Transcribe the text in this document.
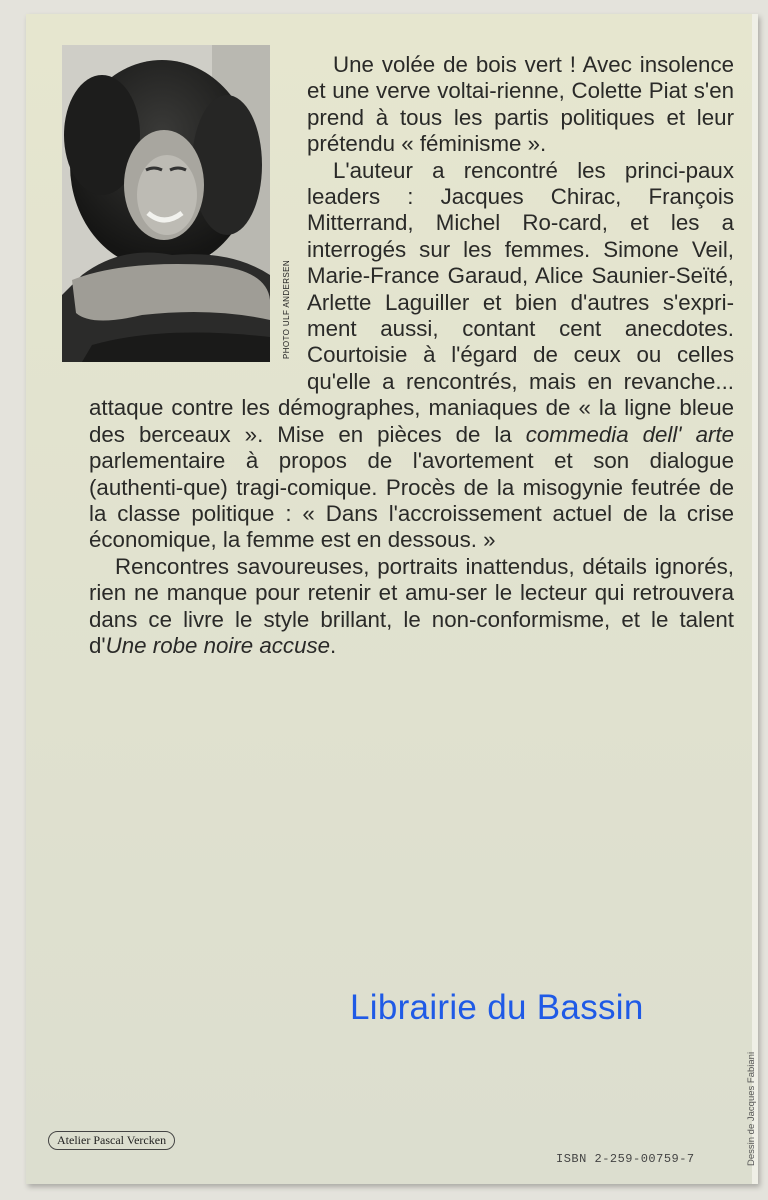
PHOTO ULF ANDERSEN

Une volée de bois vert ! Avec insolence et une verve voltai-rienne, Colette Piat s'en prend à tous les partis politiques et leur prétendu « féminisme ».

L'auteur a rencontré les princi-paux leaders : Jacques Chirac, François Mitterrand, Michel Ro-card, et les a interrogés sur les femmes. Simone Veil, Marie-France Garaud, Alice Saunier-Seïté, Arlette Laguiller et bien d'autres s'expri-ment aussi, contant cent anecdotes. Courtoisie à l'égard de ceux ou celles qu'elle a rencontrés, mais en revanche... attaque contre les démographes, maniaques de « la ligne bleue des berceaux ». Mise en pièces de la commedia dell' arte parlementaire à propos de l'avortement et son dialogue (authenti-que) tragi-comique. Procès de la misogynie feutrée de la classe politique : « Dans l'accroissement actuel de la crise économique, la femme est en dessous. »

Rencontres savoureuses, portraits inattendus, détails ignorés, rien ne manque pour retenir et amu-ser le lecteur qui retrouvera dans ce livre le style brillant, le non-conformisme, et le talent d'Une robe noire accuse.

Dessin de Jacques Fabiani
Atelier Pascal Vercken
ISBN 2-259-00759-7
Librairie du Bassin
